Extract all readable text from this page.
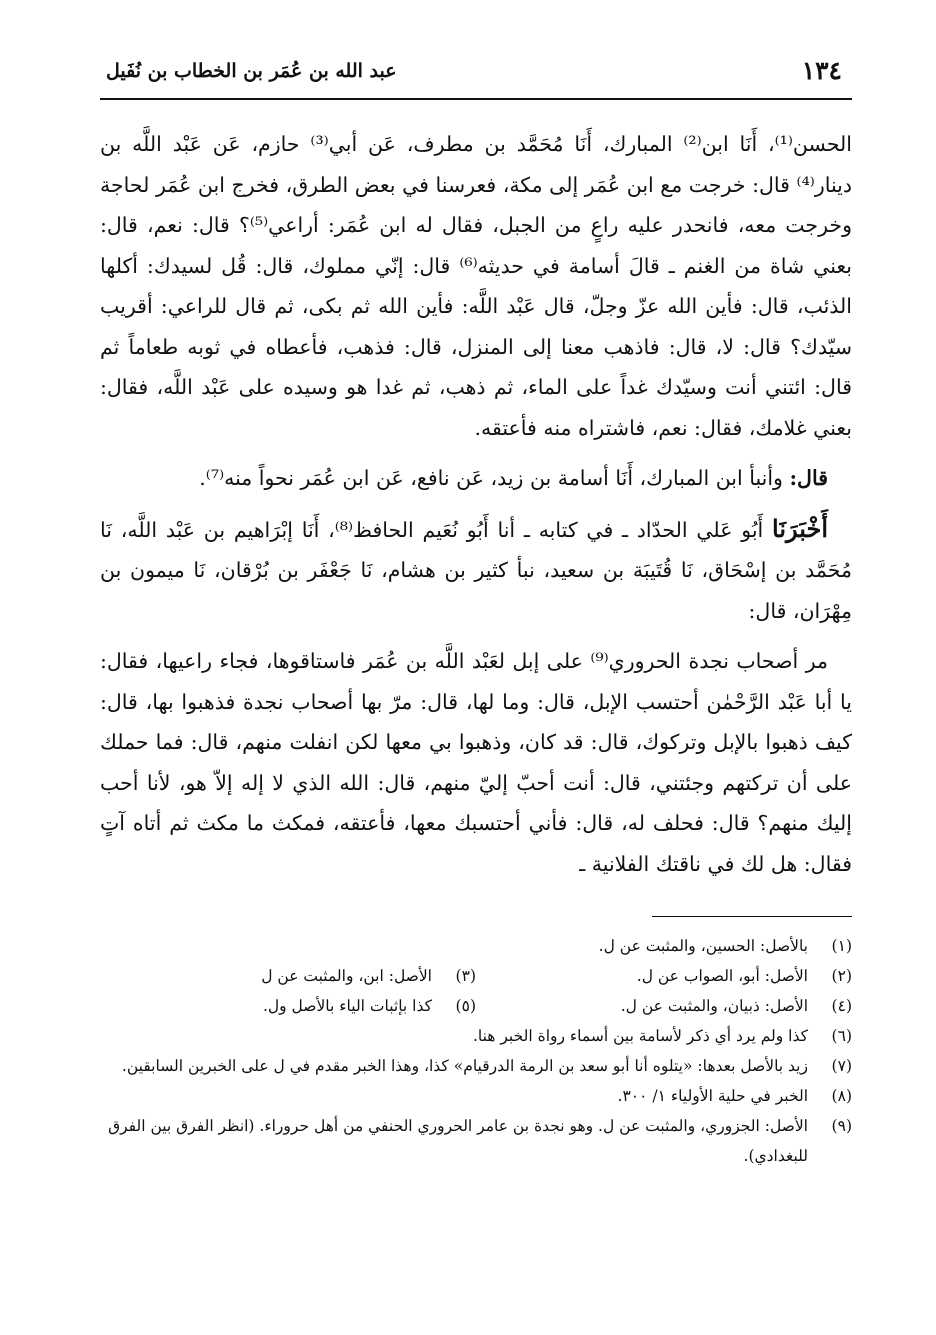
١٣٤
عبد الله بن عُمَر بن الخطاب بن نُفَيل

الحسن⁽¹⁾، أَنَا ابن⁽²⁾ المبارك، أَنَا مُحَمَّد بن مطرف، عَن أبي⁽³⁾ حازم، عَن عَبْد اللَّه بن دينار⁽⁴⁾ قال: خرجت مع ابن عُمَر إلى مكة، فعرسنا في بعض الطرق، فخرج ابن عُمَر لحاجة وخرجت معه، فانحدر عليه راعٍ من الجبل، فقال له ابن عُمَر: أراعي⁽⁵⁾؟ قال: نعم، قال: بعني شاة من الغنم ـ قالَ أسامة في حديثه⁽⁶⁾ قال: إنّي مملوك، قال: قُل لسيدك: أكلها الذئب، قال: فأين الله عزّ وجلّ، قال عَبْد اللَّه: فأين الله ثم بكى، ثم قال للراعي: أقريب سيّدك؟ قال: لا، قال: فاذهب معنا إلى المنزل، قال: فذهب، فأعطاه في ثوبه طعاماً ثم قال: ائتني أنت وسيّدك غداً على الماء، ثم ذهب، ثم غدا هو وسيده على عَبْد اللَّه، فقال: بعني غلامك، فقال: نعم، فاشتراه منه فأعتقه.

قال: وأنبأ ابن المبارك، أَنَا أسامة بن زيد، عَن نافع، عَن ابن عُمَر نحواً منه⁽⁷⁾.

أَخْبَرَنَا أَبُو عَلي الحدّاد ـ في كتابه ـ أنا أَبُو نُعَيم الحافظ⁽⁸⁾، أَنَا إبْرَاهيم بن عَبْد اللَّه، نَا مُحَمَّد بن إسْحَاق، نَا قُتَيبَة بن سعيد، نبأ كثير بن هشام، نَا جَعْفَر بن بُرْقان، نَا ميمون بن مِهْرَان، قال:

مر أصحاب نجدة الحروري⁽⁹⁾ على إبل لعَبْد اللَّه بن عُمَر فاستاقوها، فجاء راعيها، فقال: يا أبا عَبْد الرَّحْمٰن أحتسب الإبل، قال: وما لها، قال: مرّ بها أصحاب نجدة فذهبوا بها، قال: كيف ذهبوا بالإبل وتركوك، قال: قد كان، وذهبوا بي معها لكن انفلت منهم، قال: فما حملك على أن تركتهم وجئتني، قال: أنت أحبّ إليّ منهم، قال: الله الذي لا إله إلاّ هو، لأنا أحب إليك منهم؟ قال: فحلف له، قال: فأني أحتسبك معها، فأعتقه، فمكث ما مكث ثم أتاه آتٍ فقال: هل لك في ناقتك الفلانية ـ

(١)
بالأصل: الحسين، والمثبت عن ل.
(٢)
الأصل: أبو، الصواب عن ل.
(٣)
الأصل: ابن، والمثبت عن ل
(٤)
الأصل: ذبيان، والمثبت عن ل.
(٥)
كذا بإثبات الياء بالأصل ول.
(٦)
كذا ولم يرد أي ذكر لأسامة بين أسماء رواة الخبر هنا.
(٧)
زيد بالأصل بعدها: «يتلوه أنا أبو سعد بن الرمة الدرقيام» كذا، وهذا الخبر مقدم في ل على الخبرين السابقين.
(٨)
الخبر في حلية الأولياء ١/ ٣٠٠.
(٩)
الأصل: الجزوري، والمثبت عن ل. وهو نجدة بن عامر الحروري الحنفي من أهل حروراء. (انظر الفرق بين الفرق للبغدادي).
